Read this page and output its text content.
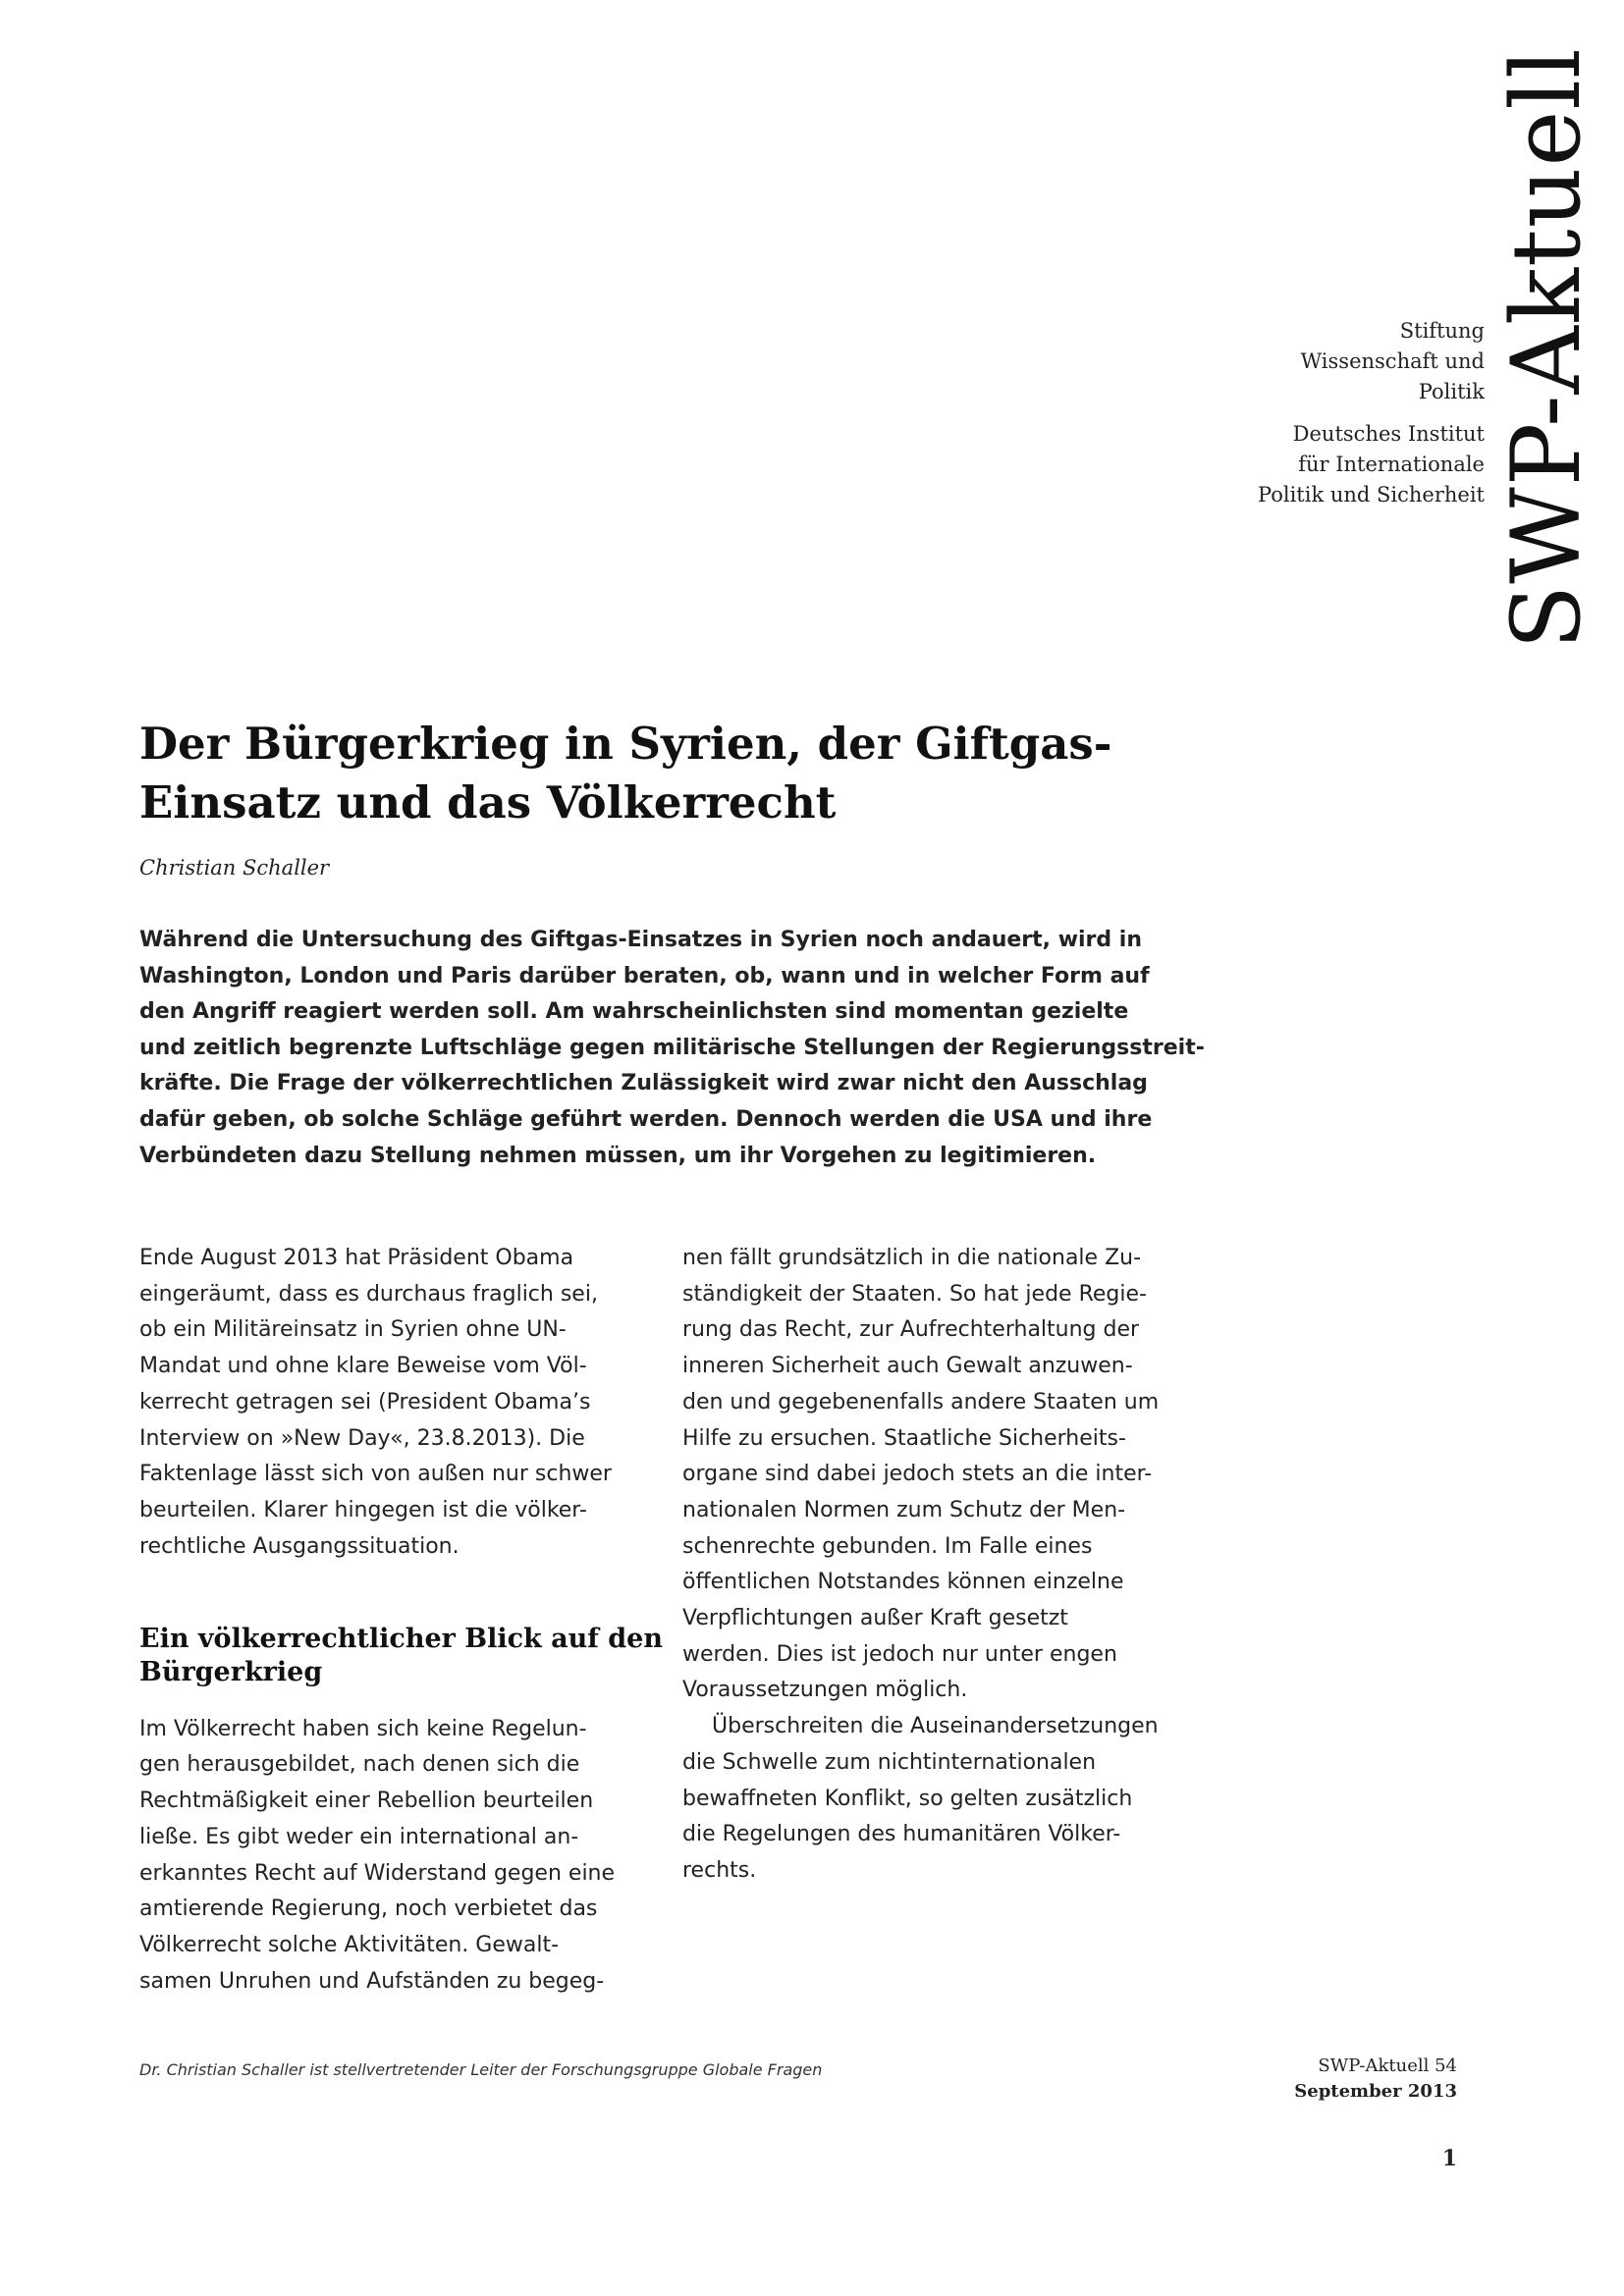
SWP-Aktuell
Stiftung
Wissenschaft und
Politik
Deutsches Institut
für Internationale
Politik und Sicherheit
Der Bürgerkrieg in Syrien, der Giftgas-
Einsatz und das Völkerrecht
Christian Schaller
Während die Untersuchung des Giftgas-Einsatzes in Syrien noch andauert, wird in
Washington, London und Paris darüber beraten, ob, wann und in welcher Form auf
den Angriff reagiert werden soll. Am wahrscheinlichsten sind momentan gezielte
und zeitlich begrenzte Luftschläge gegen militärische Stellungen der Regierungsstreit-
kräfte. Die Frage der völkerrechtlichen Zulässigkeit wird zwar nicht den Ausschlag
dafür geben, ob solche Schläge geführt werden. Dennoch werden die USA und ihre
Verbündeten dazu Stellung nehmen müssen, um ihr Vorgehen zu legitimieren.
Ende August 2013 hat Präsident Obama
eingeräumt, dass es durchaus fraglich sei,
ob ein Militäreinsatz in Syrien ohne UN-
Mandat und ohne klare Beweise vom Völ-
kerrecht getragen sei (President Obama’s
Interview on »New Day«, 23.8.2013). Die
Faktenlage lässt sich von außen nur schwer
beurteilen. Klarer hingegen ist die völker-
rechtliche Ausgangssituation.
Ein völkerrechtlicher Blick auf den
Bürgerkrieg
Im Völkerrecht haben sich keine Regelun-
gen herausgebildet, nach denen sich die
Rechtmäßigkeit einer Rebellion beurteilen
ließe. Es gibt weder ein international an-
erkanntes Recht auf Widerstand gegen eine
amtierende Regierung, noch verbietet das
Völkerrecht solche Aktivitäten. Gewalt-
samen Unruhen und Aufständen zu begeg-
nen fällt grundsätzlich in die nationale Zu-
ständigkeit der Staaten. So hat jede Regie-
rung das Recht, zur Aufrechterhaltung der
inneren Sicherheit auch Gewalt anzuwen-
den und gegebenenfalls andere Staaten um
Hilfe zu ersuchen. Staatliche Sicherheits-
organe sind dabei jedoch stets an die inter-
nationalen Normen zum Schutz der Men-
schenrechte gebunden. Im Falle eines
öffentlichen Notstandes können einzelne
Verpflichtungen außer Kraft gesetzt
werden. Dies ist jedoch nur unter engen
Voraussetzungen möglich.
Überschreiten die Auseinandersetzungen
die Schwelle zum nichtinternationalen
bewaffneten Konflikt, so gelten zusätzlich
die Regelungen des humanitären Völker-
rechts.
Dr. Christian Schaller ist stellvertretender Leiter der Forschungsgruppe Globale Fragen	SWP-Aktuell 54
September 2013
1
